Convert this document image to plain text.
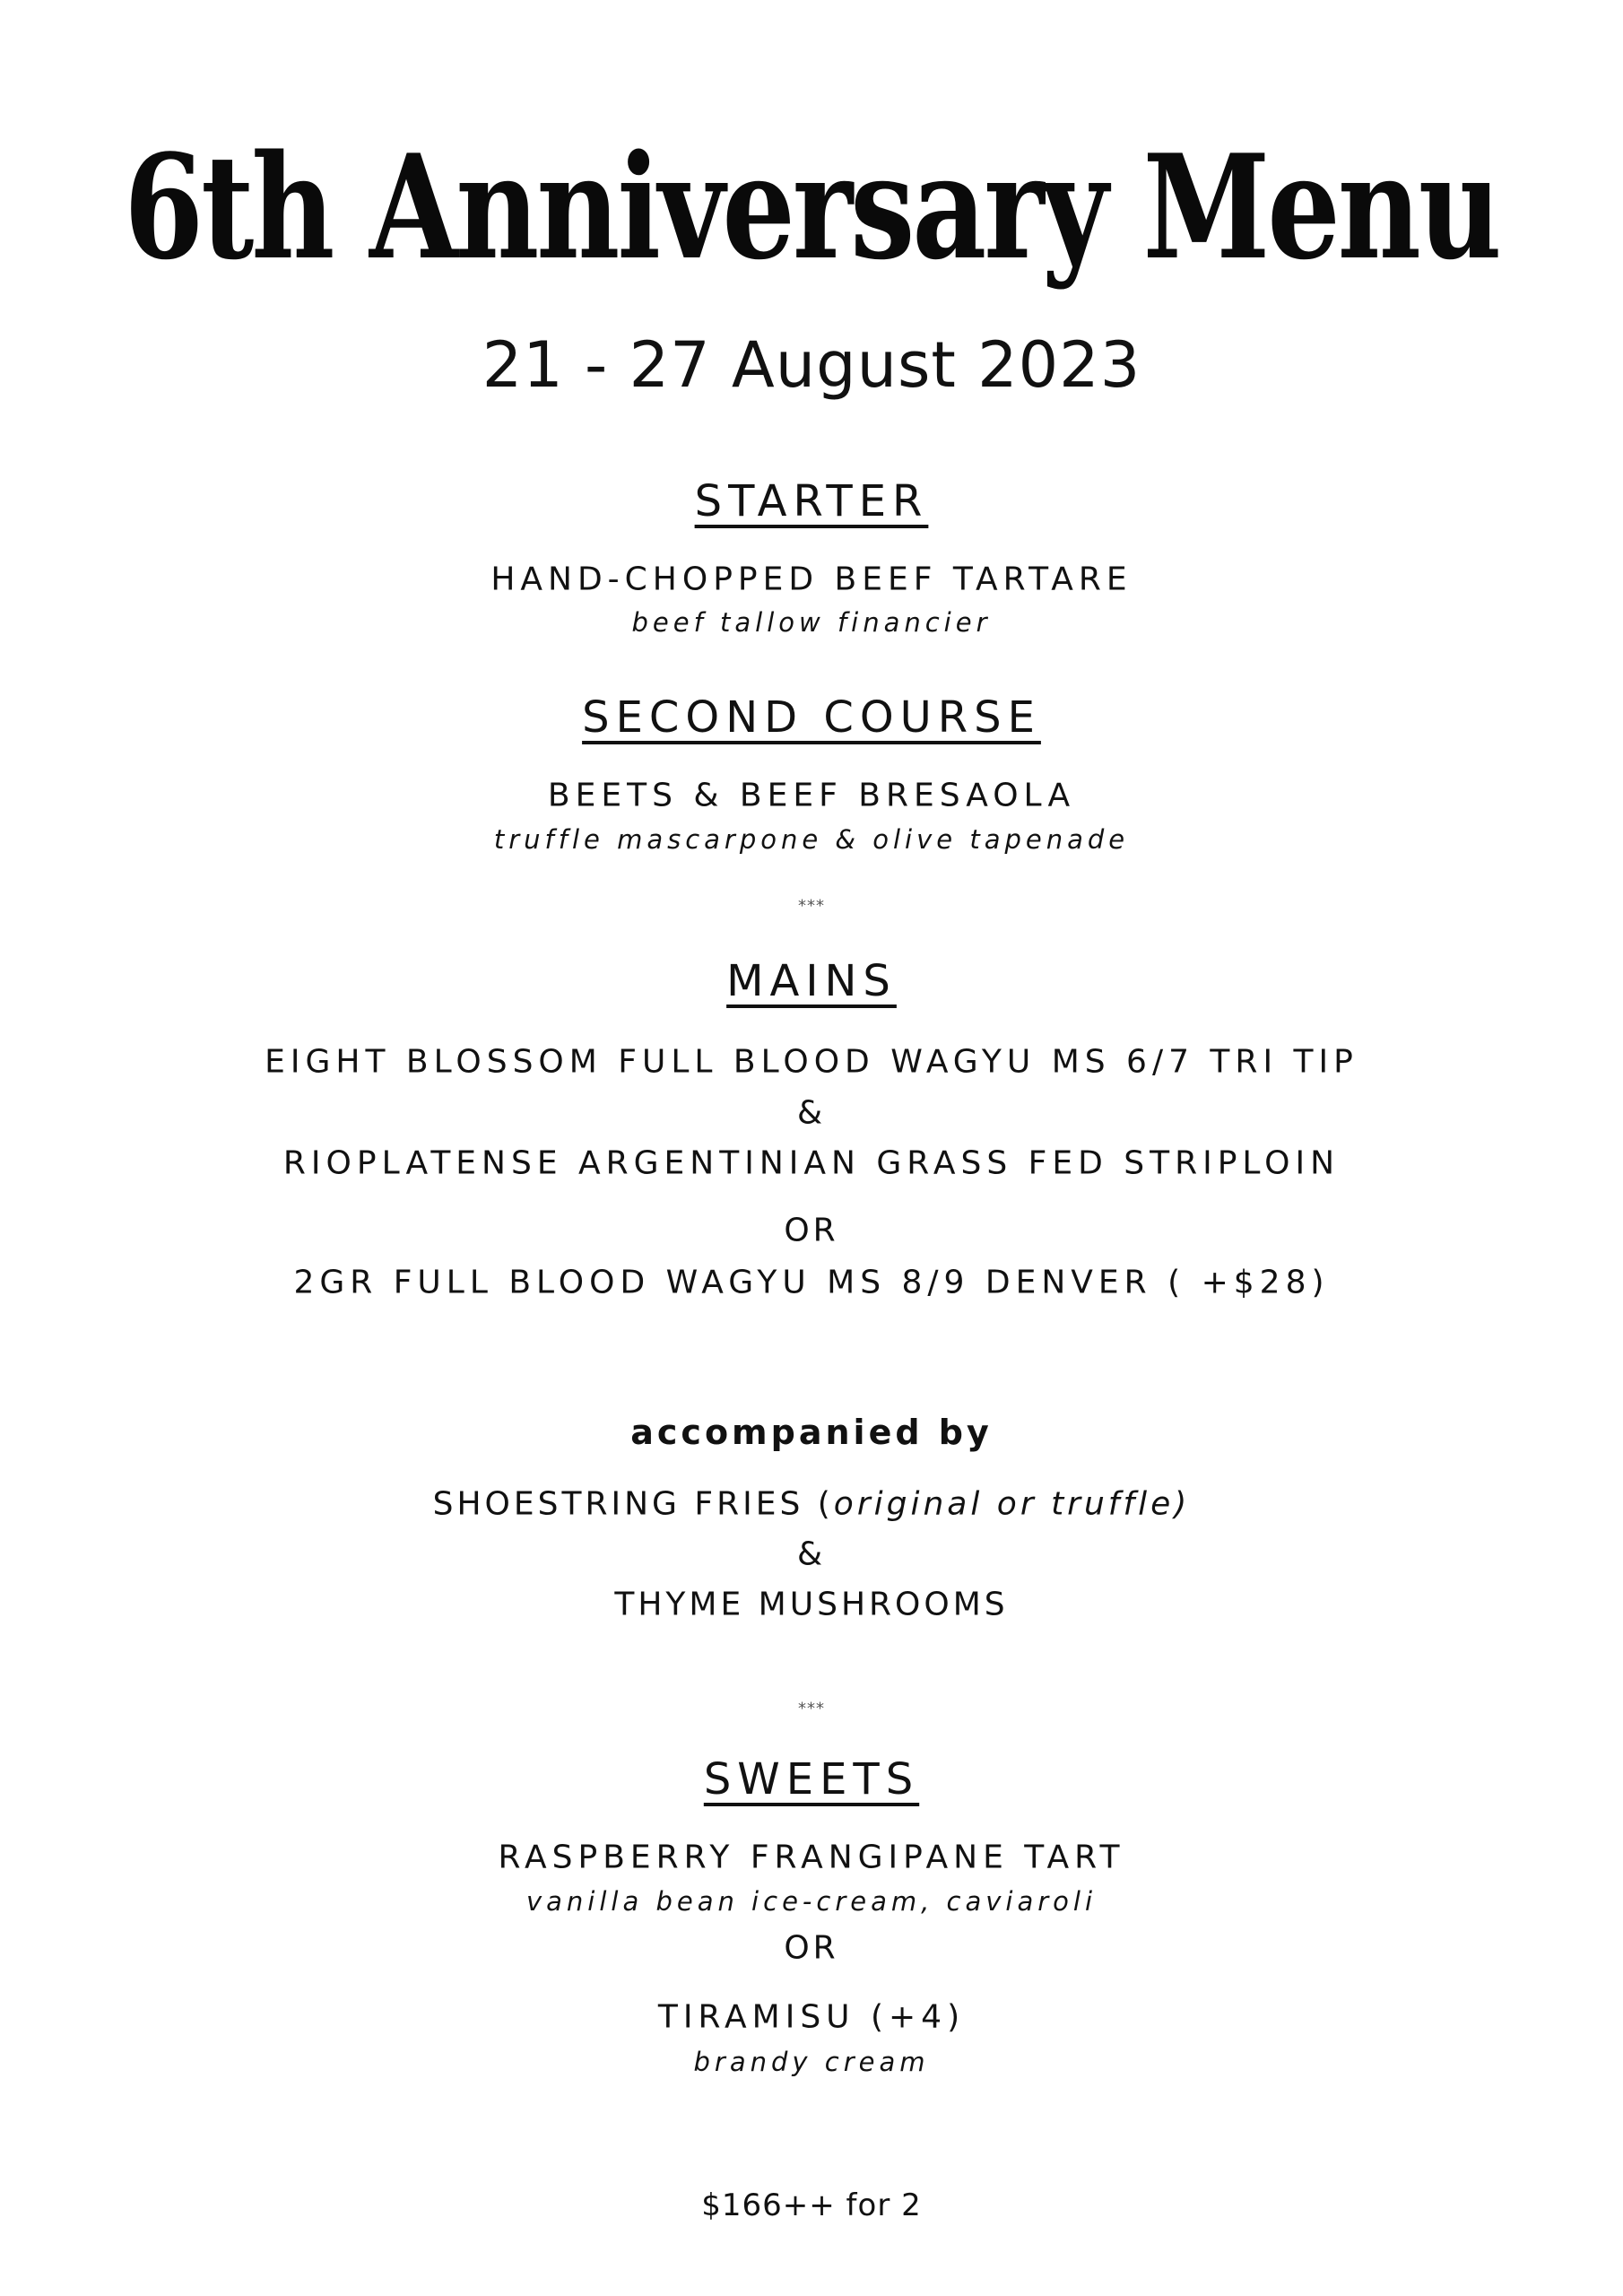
6th Anniversary Menu
21 - 27 August 2023
STARTER
HAND-CHOPPED BEEF TARTARE
beef tallow financier
SECOND COURSE
BEETS & BEEF BRESAOLA
truffle mascarpone & olive tapenade
***
MAINS
EIGHT BLOSSOM FULL BLOOD WAGYU MS 6/7 TRI TIP
&
RIOPLATENSE ARGENTINIAN GRASS FED STRIPLOIN
OR
2GR FULL BLOOD WAGYU MS 8/9 DENVER ( +$28)
accompanied by
SHOESTRING FRIES (original or truffle)
&
THYME MUSHROOMS
***
SWEETS
RASPBERRY FRANGIPANE TART
vanilla bean ice-cream, caviaroli
OR
TIRAMISU (+4)
brandy cream
$166++ for 2
